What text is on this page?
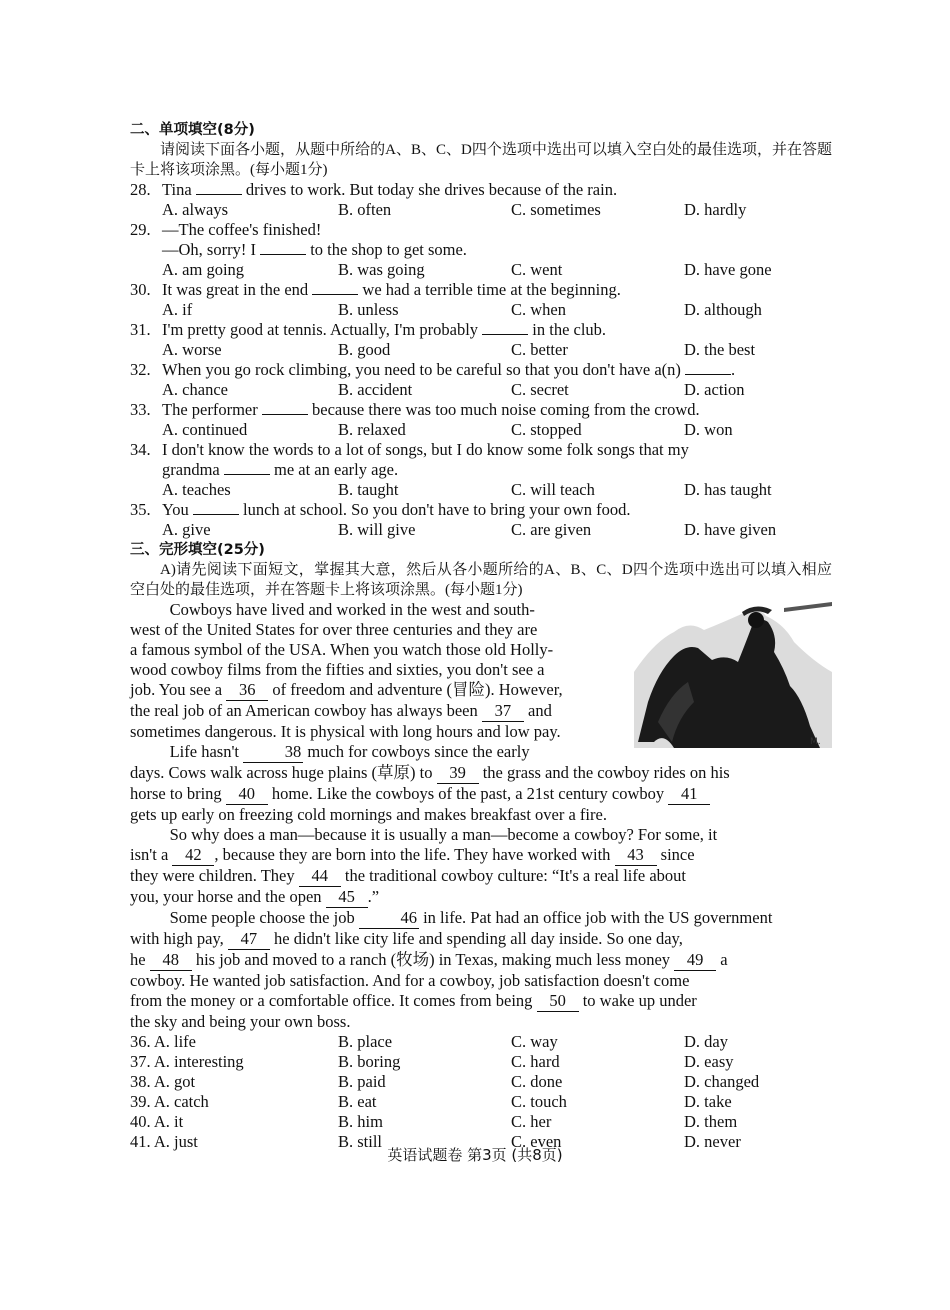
二、单项填空(8分)
请阅读下面各小题，从题中所给的A、B、C、D四个选项中选出可以填入空白处的最佳选项，并在答题卡上将该项涂黑。(每小题1分)
28. Tina	drives to work. But today she drives because of the rain.
A. always	B. often	C. sometimes	D. hardly
29. —The coffee's finished!
—Oh, sorry! I	to the shop to get some.
A. am going	B. was going	C. went	D. have gone
30. It was great in the end	we had a terrible time at the beginning.
A. if	B. unless	C. when	D. although
31. I'm pretty good at tennis. Actually, I'm probably	in the club.
A. worse	B. good	C. better	D. the best
32. When you go rock climbing, you need to be careful so that you don't have a(n)	.
A. chance	B. accident	C. secret	D. action
33. The performer	because there was too much noise coming from the crowd.
A. continued	B. relaxed	C. stopped	D. won
34. I don't know the words to a lot of songs, but I do know some folk songs that my
grandma	me at an early age.
A. teaches	B. taught	C. will teach	D. has taught
35. You	lunch at school. So you don't have to bring your own food.
A. give	B. will give	C. are given	D. have given
三、完形填空(25分)
A)请先阅读下面短文，掌握其大意，然后从各小题所给的A、B、C、D四个选项中选出可以填入相应空白处的最佳选项，并在答题卡上将该项涂黑。(每小题1分)
M.
Cowboys have lived and worked in the west and south-
west of the United States for over three centuries and they are
a famous symbol of the USA. When you watch those old Holly-
wood cowboy films from the fifties and sixties, you don't see a
job. You see a 36 of freedom and adventure (冒险). However,
the real job of an American cowboy has always been 37 and
sometimes dangerous. It is physical with long hours and low pay.
Life hasn't	38 much for cowboys since the early
days. Cows walk across huge plains (草原) to 39 the grass and the cowboy rides on his
horse to bring 40 home. Like the cowboys of the past, a 21st century cowboy 41
gets up early on freezing cold mornings and makes breakfast over a fire.
So why does a man—because it is usually a man—become a cowboy? For some, it
isn't a 42 , because they are born into the life. They have worked with 43 since
they were children. They 44 the traditional cowboy culture: “It's a real life about
you, your horse and the open 45 .”
Some people choose the job	46 in life. Pat had an office job with the US government
with high pay, 47 he didn't like city life and spending all day inside. So one day,
he 48 his job and moved to a ranch (牧场) in Texas, making much less money 49 a
cowboy. He wanted job satisfaction. And for a cowboy, job satisfaction doesn't come
from the money or a comfortable office. It comes from being 50 to wake up under
the sky and being your own boss.
36. A. life	B. place	C. way	D. day
37. A. interesting	B. boring	C. hard	D. easy
38. A. got	B. paid	C. done	D. changed
39. A. catch	B. eat	C. touch	D. take
40. A. it	B. him	C. her	D. them
41. A. just	B. still	C. even	D. never
英语试题卷 第3页 (共8页)
